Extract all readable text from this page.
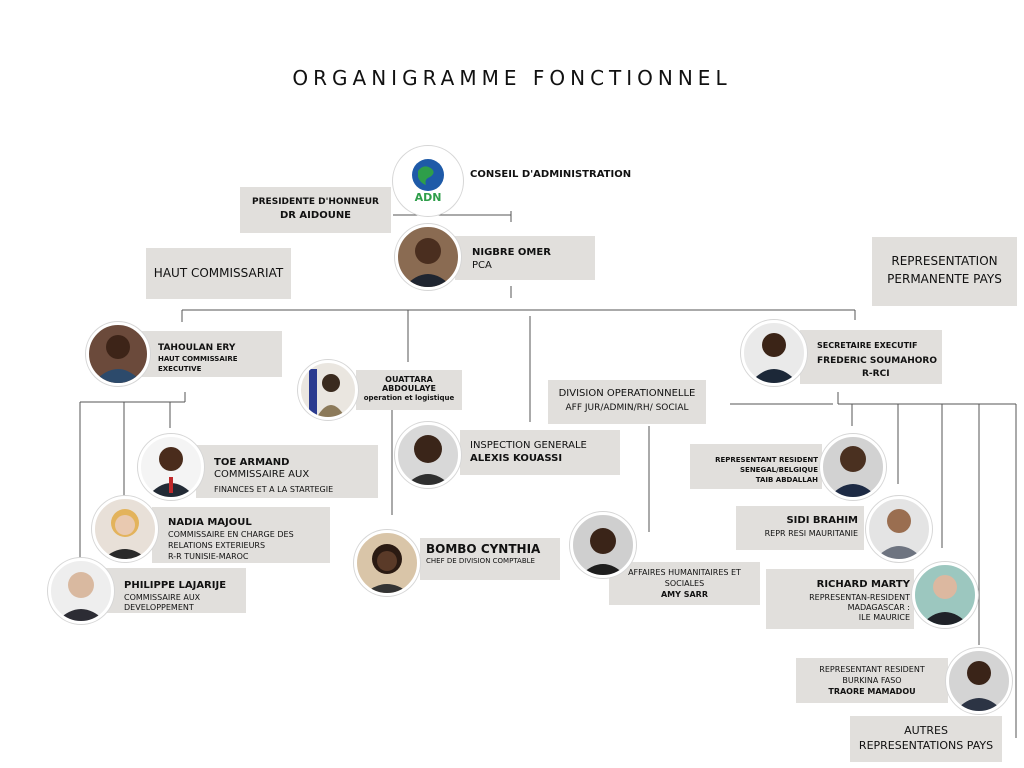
ORGANIGRAMME FONCTIONNEL
ADN
CONSEIL D'ADMINISTRATION
PRESIDENTE D'HONNEUR
DR AIDOUNE
NIGBRE OMER
PCA
HAUT COMMISSARIAT
REPRESENTATION
PERMANENTE PAYS
TAHOULAN ERY
HAUT COMMISSAIRE
EXECUTIVE
OUATTARA
ABDOULAYE
operation et logistique	DIVISION OPERATIONNELLE
AFF JUR/ADMIN/RH/ SOCIAL
SECRETAIRE EXECUTIF
FREDERIC SOUMAHORO
R-RCI
TOE ARMAND
COMMISSAIRE AUX
FINANCES ET A LA STARTEGIE
INSPECTION GENERALE
ALEXIS KOUASSI	REPRESENTANT RESIDENT
SENEGAL/BELGIQUE
TAIB ABDALLAH
NADIA MAJOUL
COMMISSAIRE EN CHARGE DES
RELATIONS EXTERIEURS
R-R TUNISIE-MAROC
BOMBO CYNTHIA
CHEF DE DIVISION COMPTABLE
AFFAIRES HUMANITAIRES ET
SOCIALES
AMY SARR
SIDI BRAHIM
REPR RESI MAURITANIE
PHILIPPE LAJARIJE
COMMISSAIRE AUX
DEVELOPPEMENT
RICHARD MARTY
REPRESENTAN-RESIDENT
MADAGASCAR :
ILE MAURICE
REPRESENTANT RESIDENT
BURKINA FASO
TRAORE MAMADOU
AUTRES
REPRESENTATIONS PAYS
